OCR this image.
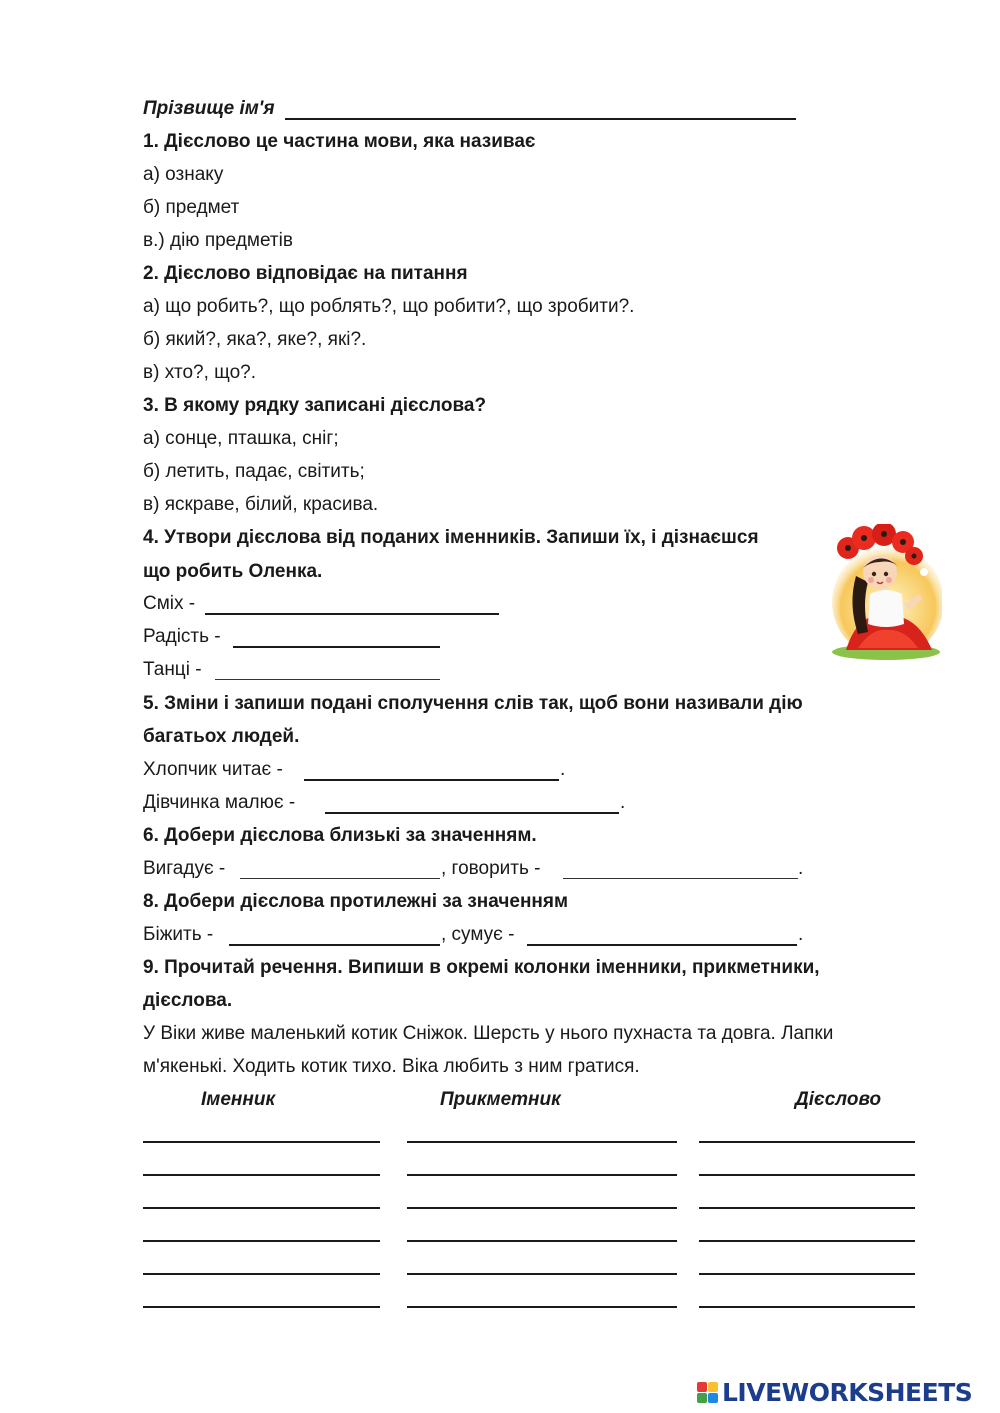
Прізвище ім'я
1. Дієслово це частина мови, яка називає
а) ознаку
б) предмет
в.) дію предметів
2. Дієслово відповідає на питання
а) що робить?, що роблять?, що робити?, що зробити?.
б) який?, яка?, яке?, які?.
в) хто?, що?.
3. В якому рядку записані дієслова?
а) сонце, пташка, сніг;
б) летить, падає, світить;
в) яскраве, білий, красива.
4. Утвори дієслова від поданих іменників. Запиши їх, і дізнаєшся
що робить Оленка.
Сміх -
Радість -
Танці -
5. Зміни і запиши подані сполучення слів так, щоб вони називали дію
багатьох людей.
Хлопчик читає -	.
Дівчинка малює -	.
6. Добери дієслова близькі за значенням.
Вигадує -	, говорить -	.
8. Добери дієслова протилежні за значенням
Біжить -	, сумує -	.
9. Прочитай речення. Випиши в окремі колонки іменники, прикметники,
дієслова.
У Віки живе маленький котик Сніжок. Шерсть у нього пухнаста та довга. Лапки
м'якенькі. Ходить котик тихо. Віка любить з ним гратися.
Іменник	Прикметник	Дієслово
LIVEWORKSHEETS
